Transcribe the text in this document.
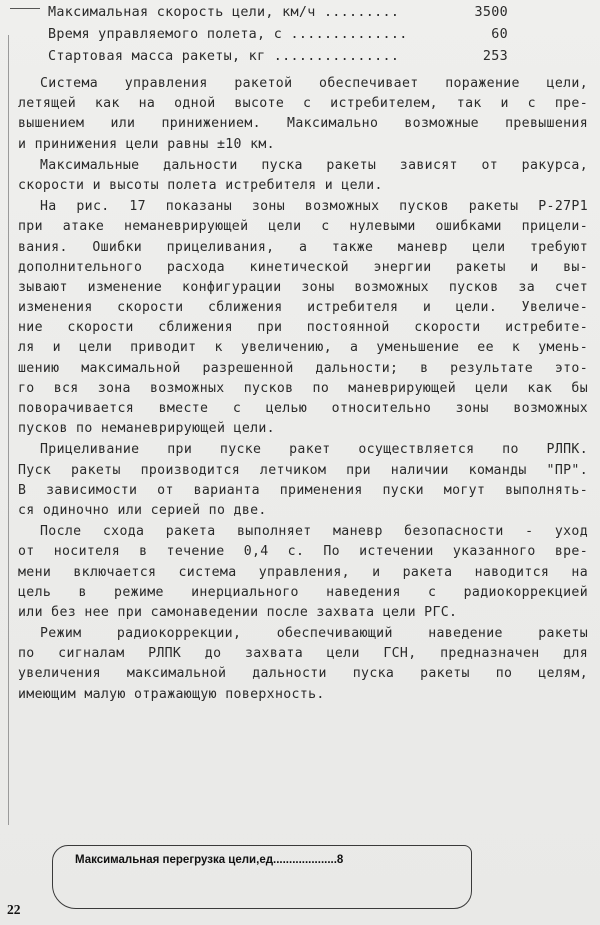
Максимальная скорость цели, км/ч .........	3500
Время управляемого полета, с ..............	60
Стартовая масса ракеты, кг ...............	253
Система управления ракетой обеспечивает поражение цели,
летящей как на одной высоте с истребителем, так и с пре-
вышением или принижением. Максимально возможные превышения
и принижения цели равны ±10 км.
Максимальные дальности пуска ракеты зависят от ракурса,
скорости и высоты полета истребителя и цели.
На рис. 17 показаны зоны возможных пусков ракеты Р-27Р1
при атаке неманеврирующей цели с нулевыми ошибками прицели-
вания. Ошибки прицеливания, а также маневр цели требуют
дополнительного расхода кинетической энергии ракеты и вы-
зывают изменение конфигурации зоны возможных пусков за счет
изменения скорости сближения истребителя и цели. Увеличе-
ние скорости сближения при постоянной скорости истребите-
ля и цели приводит к увеличению, а уменьшение ее к умень-
шению максимальной разрешенной дальности; в результате это-
го вся зона возможных пусков по маневрирующей цели как бы
поворачивается вместе с целью относительно зоны возможных
пусков по неманеврирующей цели.
Прицеливание при пуске ракет осуществляется по РЛПК.
Пуск ракеты производится летчиком при наличии команды "ПР".
В зависимости от варианта применения пуски могут выполнять-
ся одиночно или серией по две.
После схода ракета выполняет маневр безопасности - уход
от носителя в течение 0,4 с. По истечении указанного вре-
мени включается система управления, и ракета наводится на
цель в режиме инерциального наведения с радиокоррекцией
или без нее при самонаведении после захвата цели РГС.
Режим радиокоррекции, обеспечивающий наведение ракеты
по сигналам РЛПК до захвата цели ГСН, предназначен для
увеличения максимальной дальности пуска ракеты по целям,
имеющим малую отражающую поверхность.
Максимальная перегрузка цели,ед....................8
22
